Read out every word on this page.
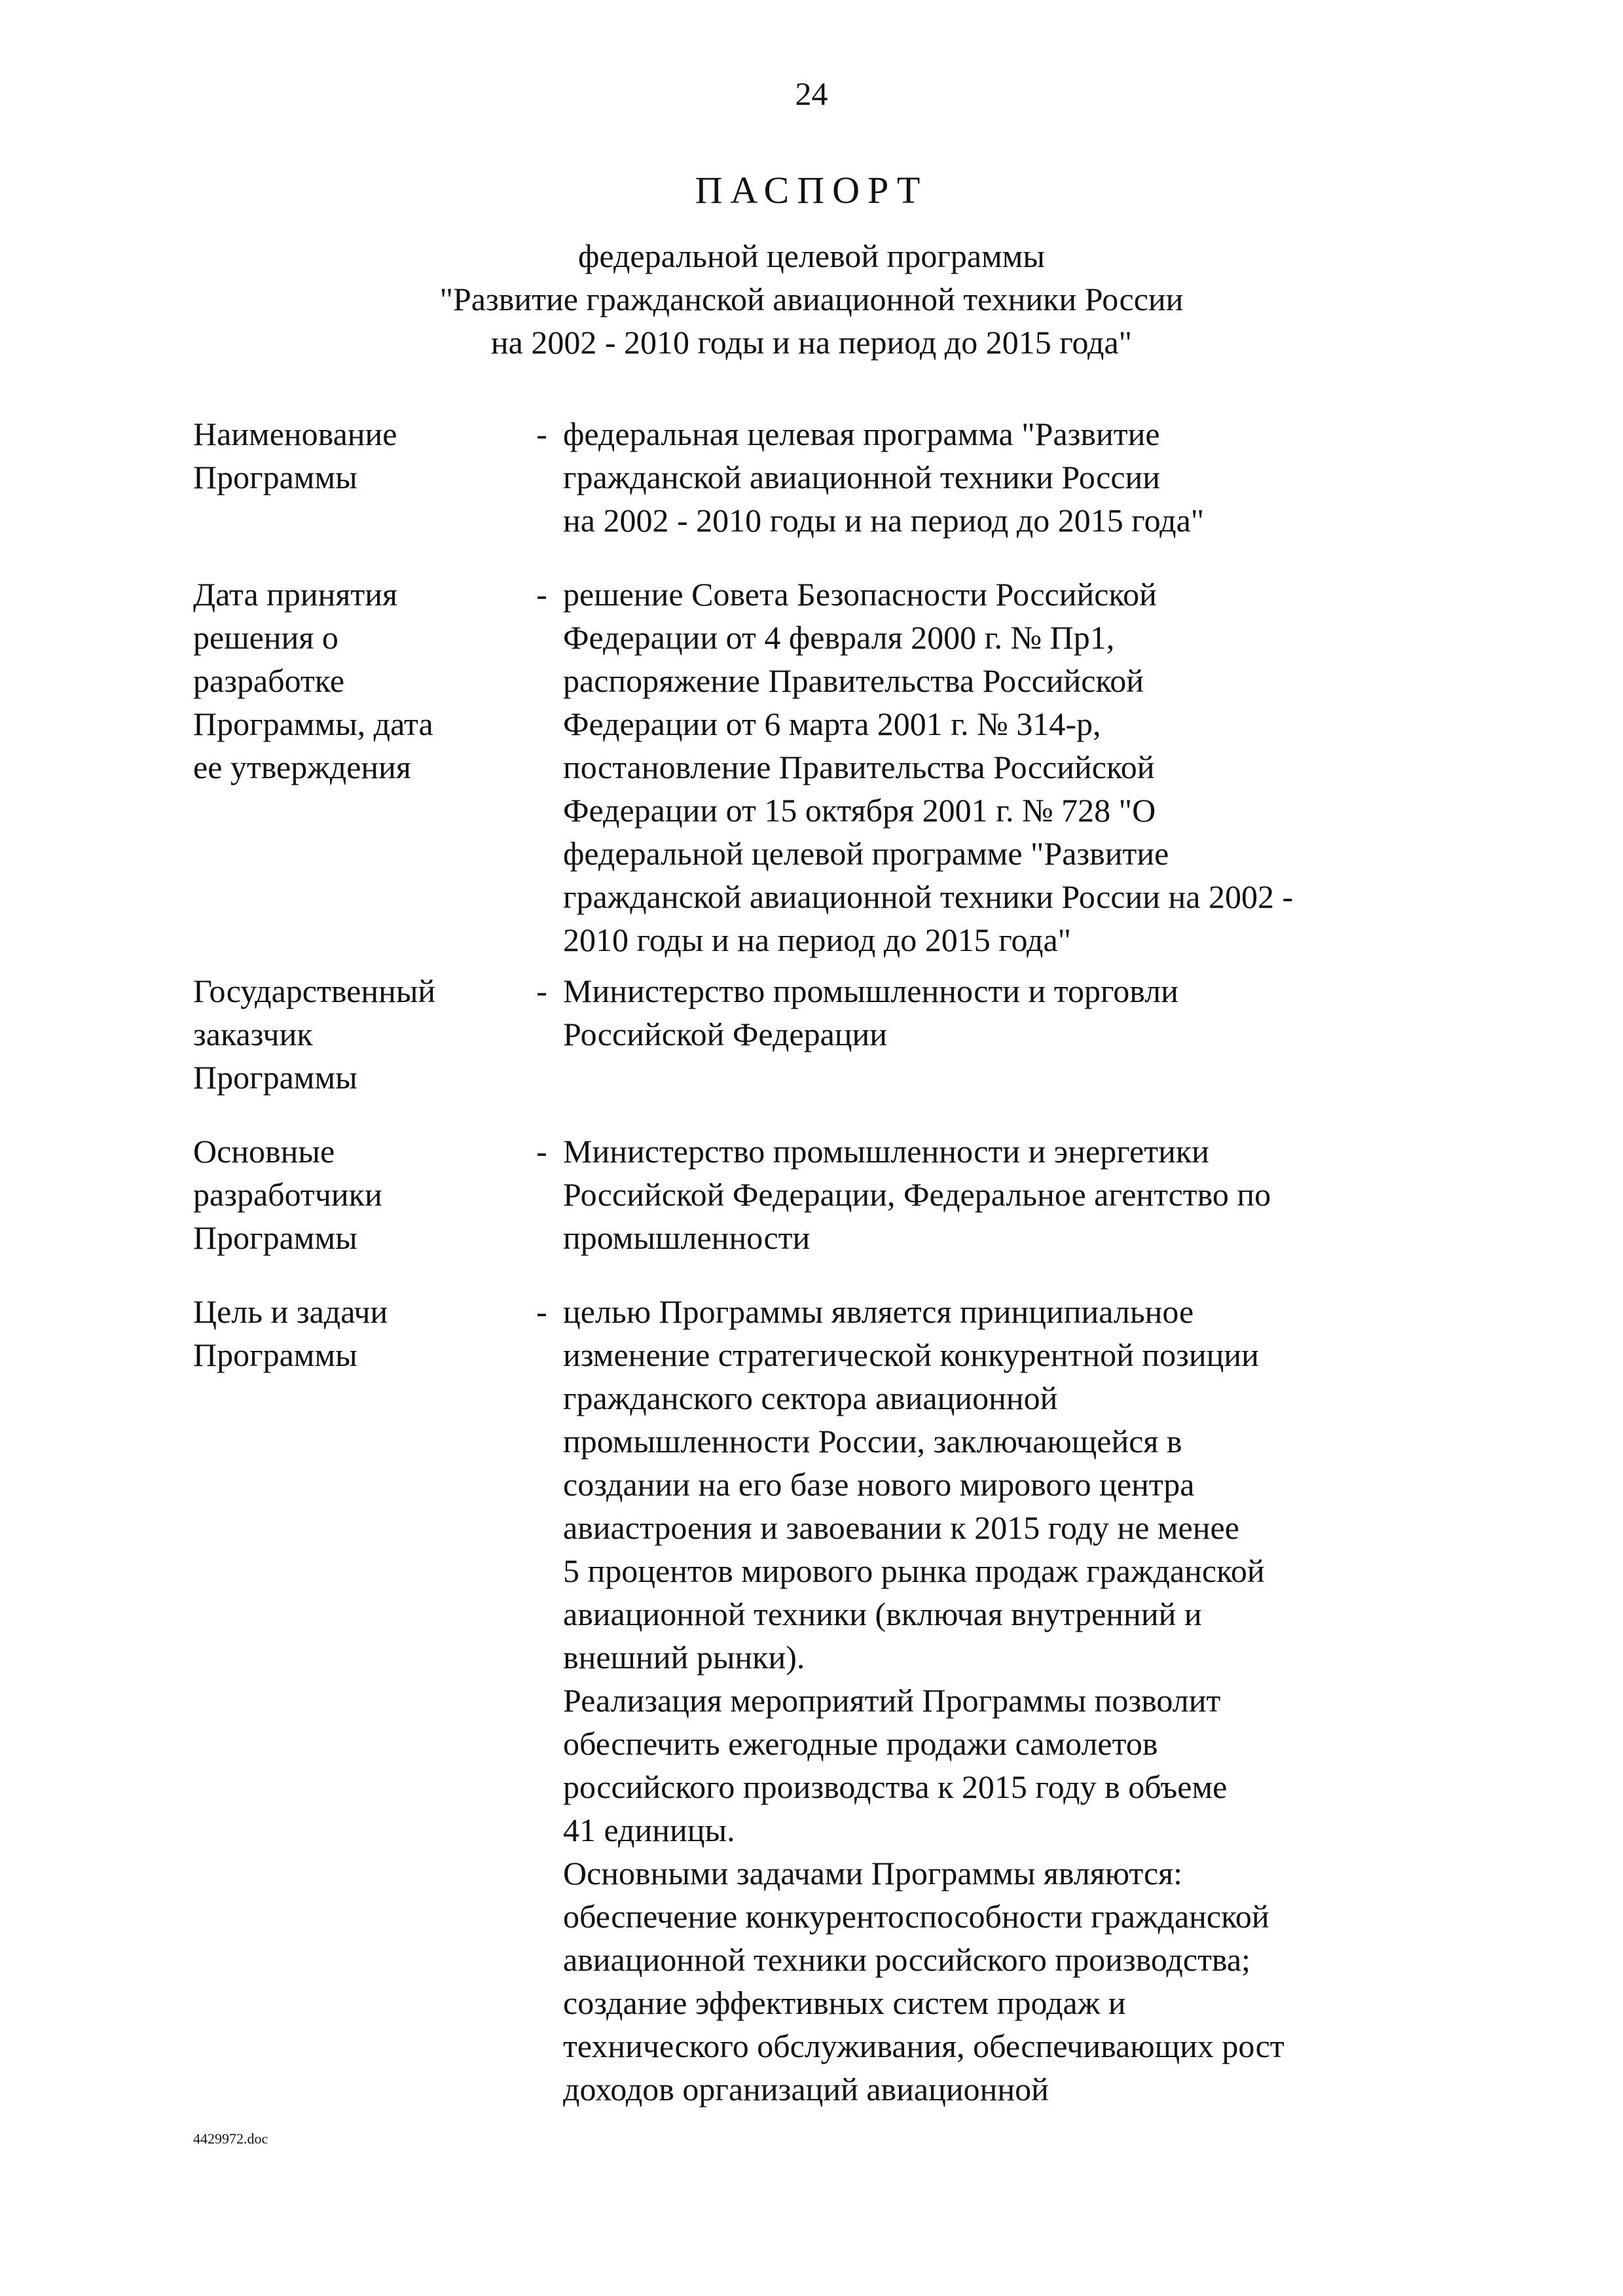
24
ПАСПОРТ
федеральной целевой программы
"Развитие гражданской авиационной техники России
на 2002 - 2010 годы и на период до 2015 года"
Наименование
Программы
- федеральная целевая программа "Развитие
гражданской авиационной техники России
на 2002 - 2010 годы и на период до 2015 года"
Дата принятия
решения о
разработке
Программы, дата
ее утверждения
- решение Совета Безопасности Российской
Федерации от 4 февраля 2000 г. № Пр1,
распоряжение Правительства Российской
Федерации от 6 марта 2001 г. № 314-р,
постановление Правительства Российской
Федерации от 15 октября 2001 г. № 728 "О
федеральной целевой программе "Развитие
гражданской авиационной техники России на 2002 -
2010 годы и на период до 2015 года"
Государственный
заказчик
Программы
- Министерство промышленности и торговли
Российской Федерации
Основные
разработчики
Программы
- Министерство промышленности и энергетики
Российской Федерации, Федеральное агентство по
промышленности
Цель и задачи
Программы
- целью Программы является принципиальное
изменение стратегической конкурентной позиции
гражданского сектора авиационной
промышленности России, заключающейся в
создании на его базе нового мирового центра
авиастроения и завоевании к 2015 году не менее
5 процентов мирового рынка продаж гражданской
авиационной техники (включая внутренний и
внешний рынки).
Реализация мероприятий Программы позволит
обеспечить ежегодные продажи самолетов
российского производства к 2015 году в объеме
41 единицы.
Основными задачами Программы являются:
обеспечение конкурентоспособности гражданской
авиационной техники российского производства;
создание эффективных систем продаж и
технического обслуживания, обеспечивающих рост
доходов организаций авиационной
4429972.doc
